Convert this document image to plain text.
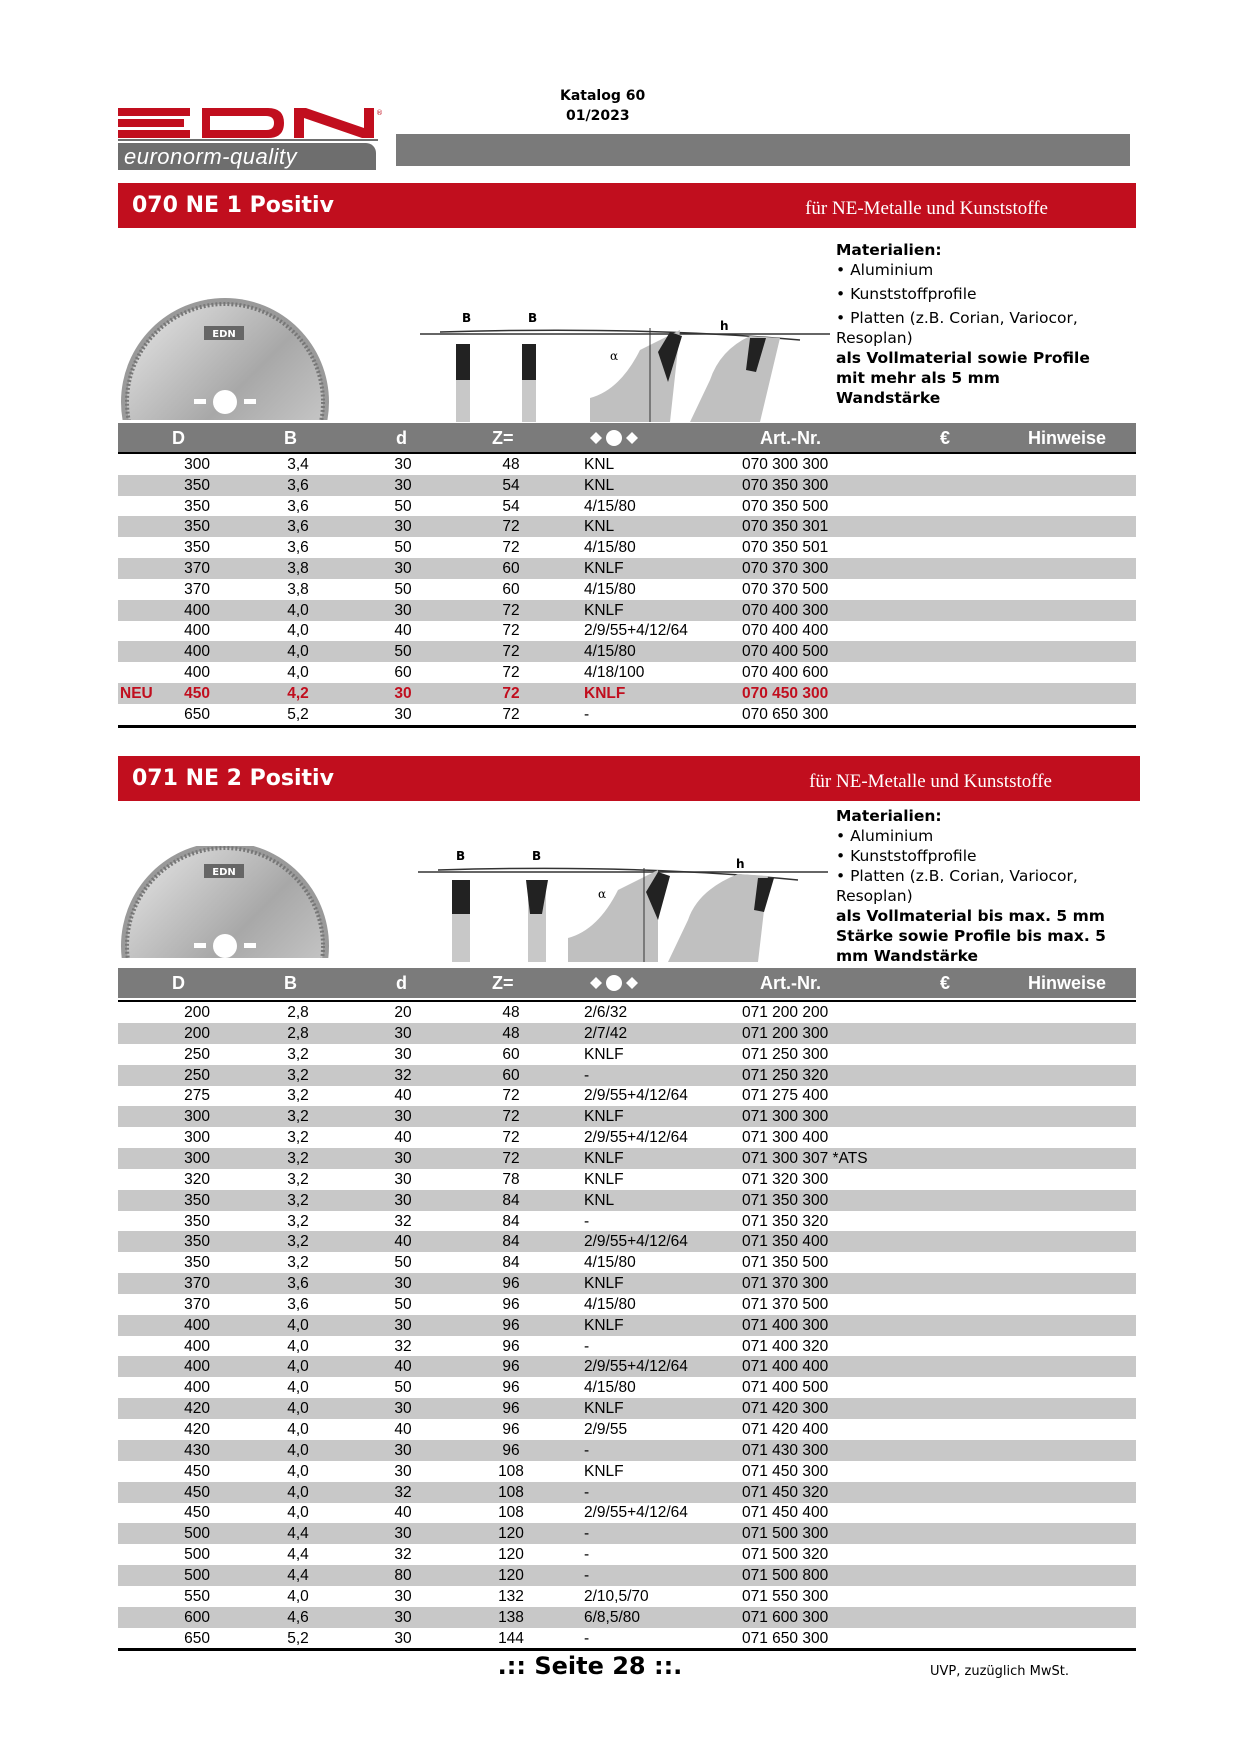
Katalog 60
01/2023
®
euronorm-quality
070 NE 1 Positiv	für NE-Metalle und Kunststoffe
EDN
B	B
α
h
Materialien:
• Aluminium
• Kunststoffprofile
• Platten (z.B. Corian, Variocor, Resoplan)
als Vollmaterial sowie Profile mit mehr als 5 mm Wandstärke
D	B	d	Z=	Art.-Nr.	€	Hinweise
300	3,4	30	48	KNL	070 300 300
350	3,6	30	54	KNL	070 350 300
350	3,6	50	54	4/15/80	070 350 500
350	3,6	30	72	KNL	070 350 301
350	3,6	50	72	4/15/80	070 350 501
370	3,8	30	60	KNLF	070 370 300
370	3,8	50	60	4/15/80	070 370 500
400	4,0	30	72	KNLF	070 400 300
400	4,0	40	72	2/9/55+4/12/64	070 400 400
400	4,0	50	72	4/15/80	070 400 500
400	4,0	60	72	4/18/100	070 400 600
NEU	450	4,2	30	72	KNLF	070 450 300
650	5,2	30	72	-	070 650 300
071 NE 2 Positiv	für NE-Metalle und Kunststoffe
EDN
B	B
α
h
Materialien:
• Aluminium
• Kunststoffprofile
• Platten (z.B. Corian, Variocor, Resoplan)
als Vollmaterial bis max. 5 mm Stärke sowie Profile bis max. 5 mm Wandstärke
D	B	d	Z=	Art.-Nr.	€	Hinweise
200	2,8	20	48	2/6/32	071 200 200
200	2,8	30	48	2/7/42	071 200 300
250	3,2	30	60	KNLF	071 250 300
250	3,2	32	60	-	071 250 320
275	3,2	40	72	2/9/55+4/12/64	071 275 400
300	3,2	30	72	KNLF	071 300 300
300	3,2	40	72	2/9/55+4/12/64	071 300 400
300	3,2	30	72	KNLF	071 300 307 *ATS
320	3,2	30	78	KNLF	071 320 300
350	3,2	30	84	KNL	071 350 300
350	3,2	32	84	-	071 350 320
350	3,2	40	84	2/9/55+4/12/64	071 350 400
350	3,2	50	84	4/15/80	071 350 500
370	3,6	30	96	KNLF	071 370 300
370	3,6	50	96	4/15/80	071 370 500
400	4,0	30	96	KNLF	071 400 300
400	4,0	32	96	-	071 400 320
400	4,0	40	96	2/9/55+4/12/64	071 400 400
400	4,0	50	96	4/15/80	071 400 500
420	4,0	30	96	KNLF	071 420 300
420	4,0	40	96	2/9/55	071 420 400
430	4,0	30	96	-	071 430 300
450	4,0	30	108	KNLF	071 450 300
450	4,0	32	108	-	071 450 320
450	4,0	40	108	2/9/55+4/12/64	071 450 400
500	4,4	30	120	-	071 500 300
500	4,4	32	120	-	071 500 320
500	4,4	80	120	-	071 500 800
550	4,0	30	132	2/10,5/70	071 550 300
600	4,6	30	138	6/8,5/80	071 600 300
650	5,2	30	144	-	071 650 300
.:: Seite 28 ::.	UVP, zuzüglich MwSt.
